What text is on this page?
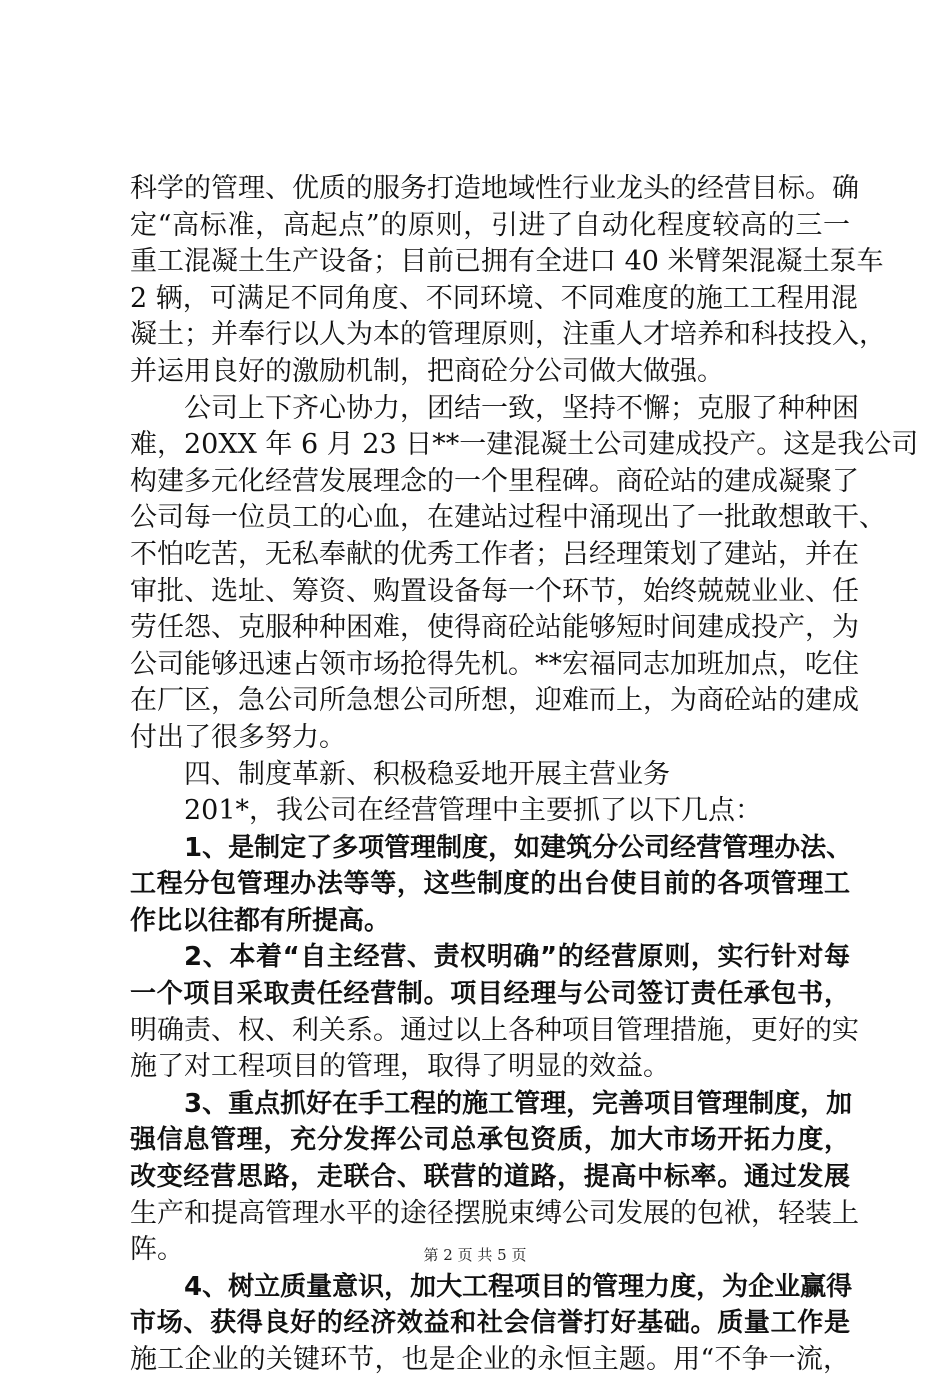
科学的管理、优质的服务打造地域性行业龙头的经营目标。确
定“高标准，高起点”的原则，引进了自动化程度较高的三一
重工混凝土生产设备；目前已拥有全进口 40 米臂架混凝土泵车
2 辆，可满足不同角度、不同环境、不同难度的施工工程用混
凝土；并奉行以人为本的管理原则，注重人才培养和科技投入，
并运用良好的激励机制，把商砼分公司做大做强。
公司上下齐心协力，团结一致，坚持不懈；克服了种种困
难，20XX 年 6 月 23 日**一建混凝土公司建成投产。这是我公司
构建多元化经营发展理念的一个里程碑。商砼站的建成凝聚了
公司每一位员工的心血，在建站过程中涌现出了一批敢想敢干、
不怕吃苦，无私奉献的优秀工作者；吕经理策划了建站，并在
审批、选址、筹资、购置设备每一个环节，始终兢兢业业、任
劳任怨、克服种种困难，使得商砼站能够短时间建成投产，为
公司能够迅速占领市场抢得先机。**宏福同志加班加点，吃住
在厂区，急公司所急想公司所想，迎难而上，为商砼站的建成
付出了很多努力。
四、制度革新、积极稳妥地开展主营业务
201*，我公司在经营管理中主要抓了以下几点：
1、是制定了多项管理制度，如建筑分公司经营管理办法、
工程分包管理办法等等，这些制度的出台使目前的各项管理工
作比以往都有所提高。
2、本着“自主经营、责权明确”的经营原则，实行针对每
一个项目采取责任经营制。项目经理与公司签订责任承包书，
明确责、权、利关系。通过以上各种项目管理措施，更好的实
施了对工程项目的管理，取得了明显的效益。
3、重点抓好在手工程的施工管理，完善项目管理制度，加
强信息管理，充分发挥公司总承包资质，加大市场开拓力度，
改变经营思路，走联合、联营的道路，提高中标率。通过发展
生产和提高管理水平的途径摆脱束缚公司发展的包袱，轻装上
阵。
4、树立质量意识，加大工程项目的管理力度，为企业赢得
市场、获得良好的经济效益和社会信誉打好基础。质量工作是
施工企业的关键环节，也是企业的永恒主题。用“不争一流，
第 2 页 共 5 页
